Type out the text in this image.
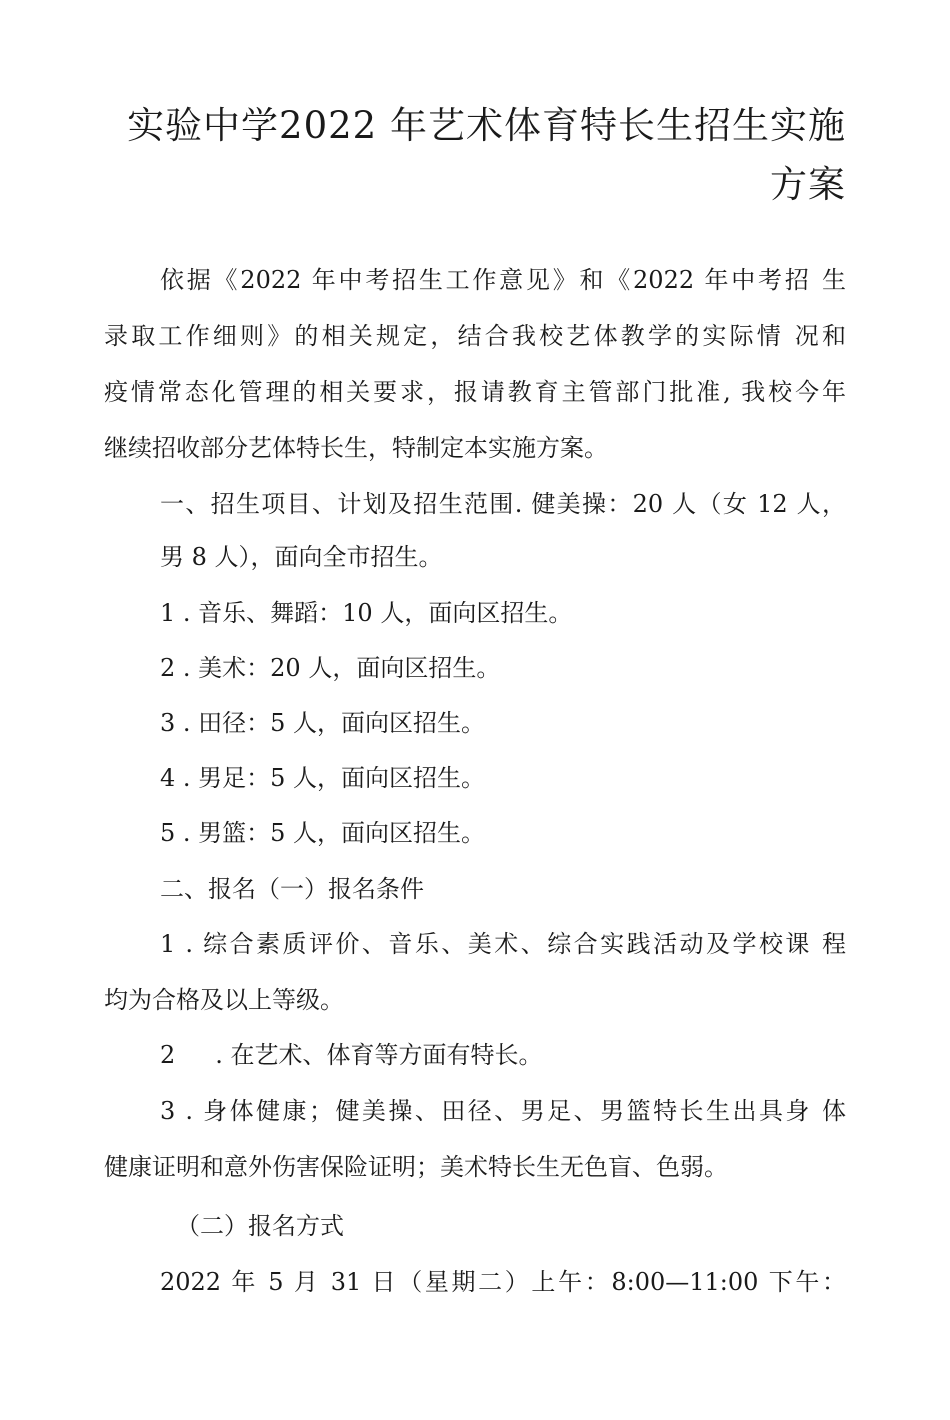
实验中学2022 年艺术体育特长生招生实施
方案
依据《2022 年中考招生工作意见》和《2022 年中考招 生
录取工作细则》的相关规定，结合我校艺体教学的实际情 况和
疫情常态化管理的相关要求，报请教育主管部门批准, 我校今年
继续招收部分艺体特长生，特制定本实施方案。
一、招生项目、计划及招生范围. 健美操：20 人（女 12 人，
男 8 人），面向全市招生。
1 . 音乐、舞蹈：10 人，面向区招生。
2 . 美术：20 人，面向区招生。
3 . 田径：5 人，面向区招生。
4 . 男足：5 人，面向区招生。
5 . 男篮：5 人，面向区招生。
二、报名（一）报名条件
1 . 综合素质评价、音乐、美术、综合实践活动及学校课 程
均为合格及以上等级。
2 . 在艺术、体育等方面有特长。
3 . 身体健康；健美操、田径、男足、男篮特长生出具身 体
健康证明和意外伤害保险证明；美术特长生无色盲、色弱。
（二）报名方式
2022 年 5 月 31 日（星期二）上午：8:00—11:00 下午：
